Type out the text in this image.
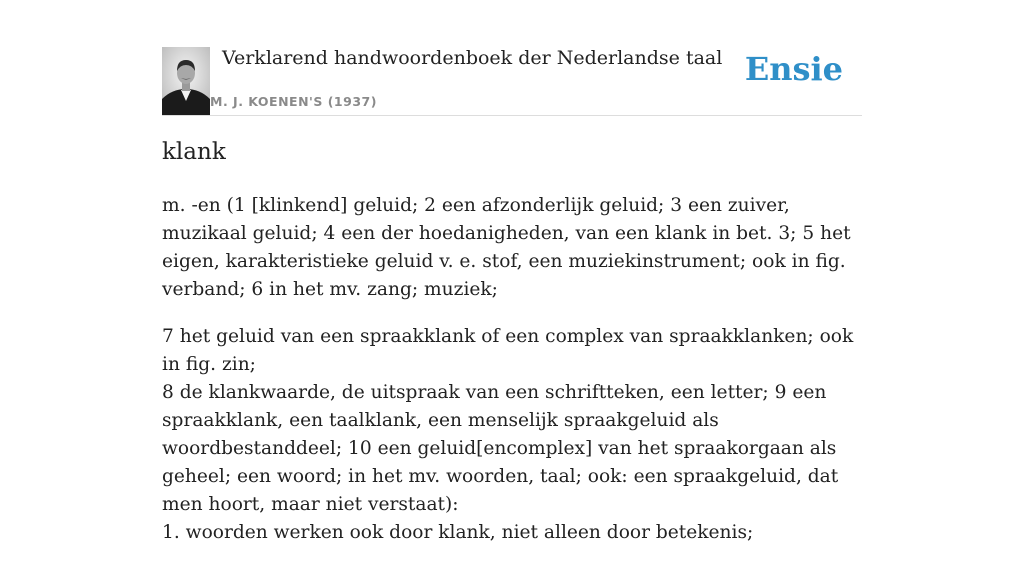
Verklarend handwoordenboek der Nederlandse taal
M. J. KOENEN'S (1937)
Ensie
klank

m. -en (1 [klinkend] geluid; 2 een afzonderlijk geluid; 3 een zuiver, muzikaal geluid; 4 een der hoedanigheden, van een klank in bet. 3; 5 het eigen, karakteristieke geluid v. e. stof, een muziekinstrument; ook in fig. verband; 6 in het mv. zang; muziek;

7 het geluid van een spraakklank of een complex van spraakklanken; ook in fig. zin;
8 de klankwaarde, de uitspraak van een schriftteken, een letter; 9 een spraakklank, een taalklank, een menselijk spraakgeluid als woordbestanddeel; 10 een geluid[encomplex] van het spraakorgaan als geheel; een woord; in het mv. woorden, taal; ook: een spraakgeluid, dat men hoort, maar niet verstaat):
1. woorden werken ook door klank, niet alleen door betekenis;
